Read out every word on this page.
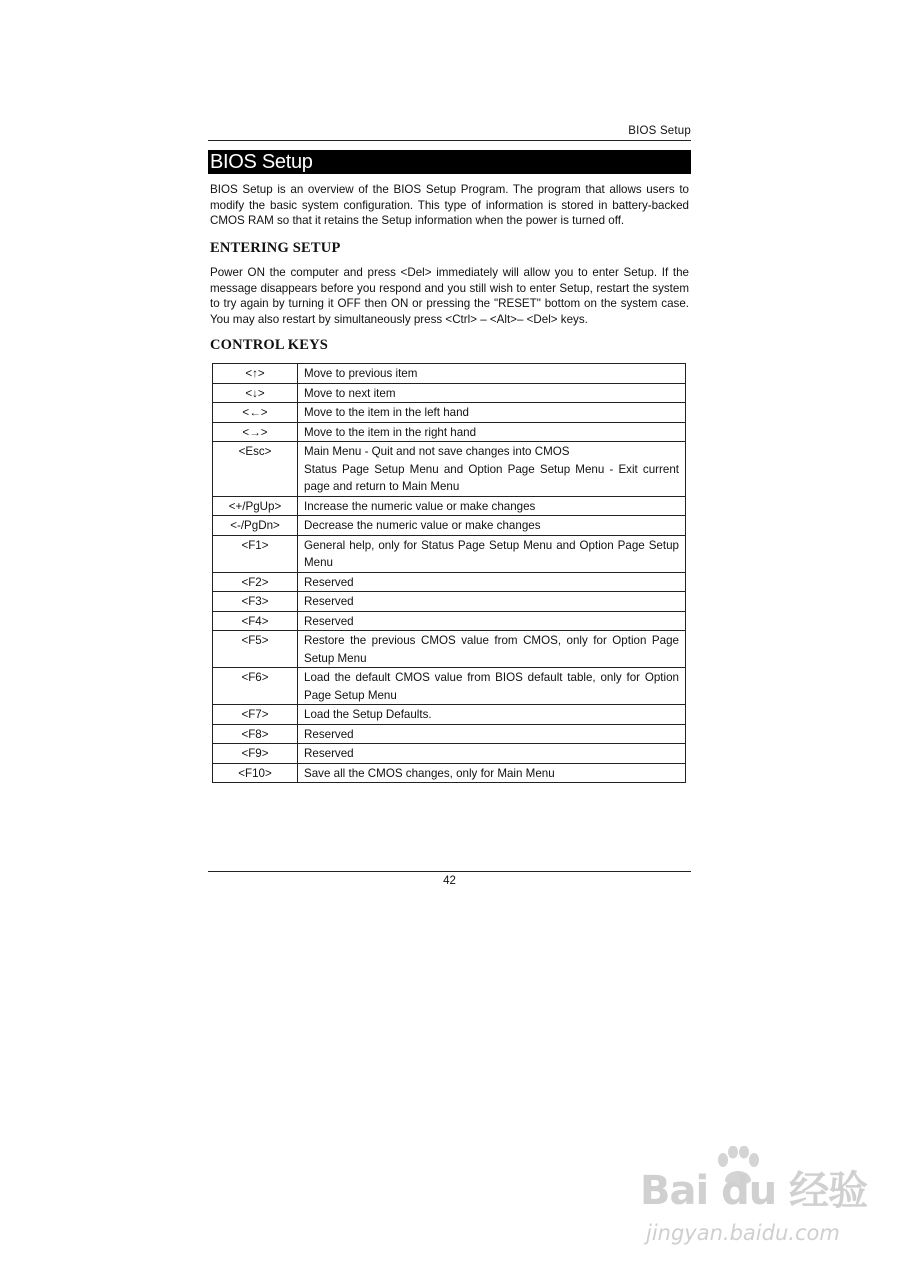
BIOS Setup
BIOS Setup

BIOS Setup is an overview of the BIOS Setup Program. The program that allows users to modify the basic system configuration. This type of information is stored in battery-backed CMOS RAM so that it retains the Setup information when the power is turned off.

ENTERING SETUP

Power ON the computer and press <Del> immediately will allow you to enter Setup. If the message disappears before you respond and you still wish to enter Setup, restart the system to try again by turning it OFF then ON or pressing the "RESET" bottom on the system case. You may also restart by simultaneously press <Ctrl> – <Alt>– <Del> keys.

CONTROL KEYS
<↑>	Move to previous item

<↓>	Move to next item

<←>	Move to the item in the left hand

<→>	Move to the item in the right hand

<Esc>	Main Menu - Quit and not save changes into CMOS
Status Page Setup Menu and Option Page Setup Menu - Exit current page and return to Main Menu

<+/PgUp>	Increase the numeric value or make changes

<-/PgDn>	Decrease the numeric value or make changes

<F1>	General help, only for Status Page Setup Menu and Option Page Setup Menu

<F2>	Reserved

<F3>	Reserved

<F4>	Reserved

<F5>	Restore the previous CMOS value from CMOS, only for Option Page Setup Menu

<F6>	Load the default CMOS value from BIOS default table, only for Option Page Setup Menu

<F7>	Load the Setup Defaults.

<F8>	Reserved

<F9>	Reserved

<F10>	Save all the CMOS changes, only for Main Menu
42
Bai du 经验
jingyan.baidu.com
